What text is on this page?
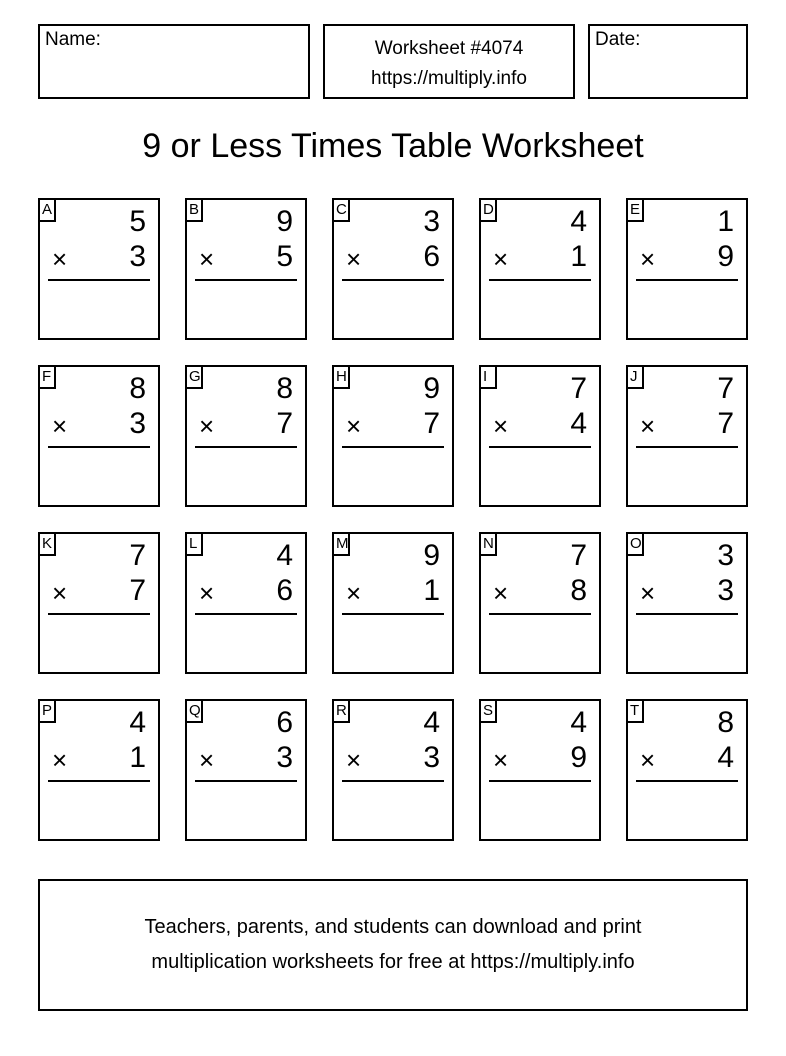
Name:	Worksheet #4074
https://multiply.info
Date:
9 or Less Times Table Worksheet
A	5
× 3
B	9
× 5
C	3
× 6
D	4
× 1
E	1
× 9
F	8
× 3
G	8
× 7
H	9
× 7
I	7
× 4
J	7
× 7
K	7
× 7
L	4
× 6
M 9
× 1
N	7
× 8
O	3
× 3
P	4
× 1
Q	6
× 3
R	4
× 3
S	4
× 9
T	8
× 4
Teachers, parents, and students can download and print
multiplication worksheets for free at https://multiply.info
